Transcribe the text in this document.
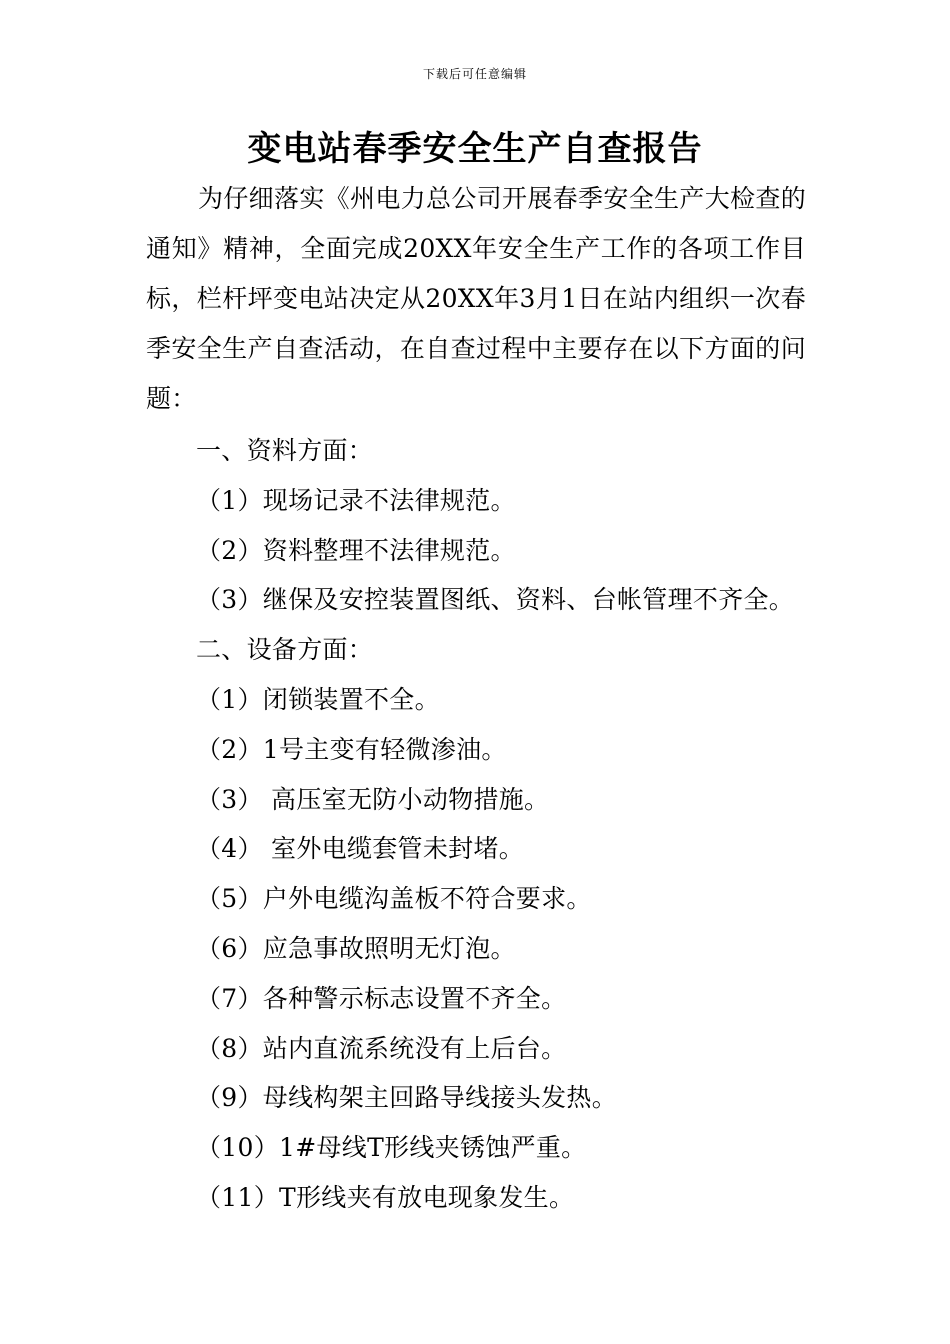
下载后可任意编辑
变电站春季安全生产自查报告

为仔细落实《州电力总公司开展春季安全生产大检查的通知》精神，全面完成20XX年安全生产工作的各项工作目标，栏杆坪变电站决定从20XX年3月1日在站内组织一次春季安全生产自查活动，在自查过程中主要存在以下方面的问题：

一、资料方面：
（1）现场记录不法律规范。
（2）资料整理不法律规范。
（3）继保及安控装置图纸、资料、台帐管理不齐全。
二、设备方面：
（1）闭锁装置不全。
（2）1号主变有轻微渗油。
（3） 高压室无防小动物措施。
（4） 室外电缆套管未封堵。
（5）户外电缆沟盖板不符合要求。
（6）应急事故照明无灯泡。
（7）各种警示标志设置不齐全。
（8）站内直流系统没有上后台。
（9）母线构架主回路导线接头发热。
（10）1#母线T形线夹锈蚀严重。
（11）T形线夹有放电现象发生。
